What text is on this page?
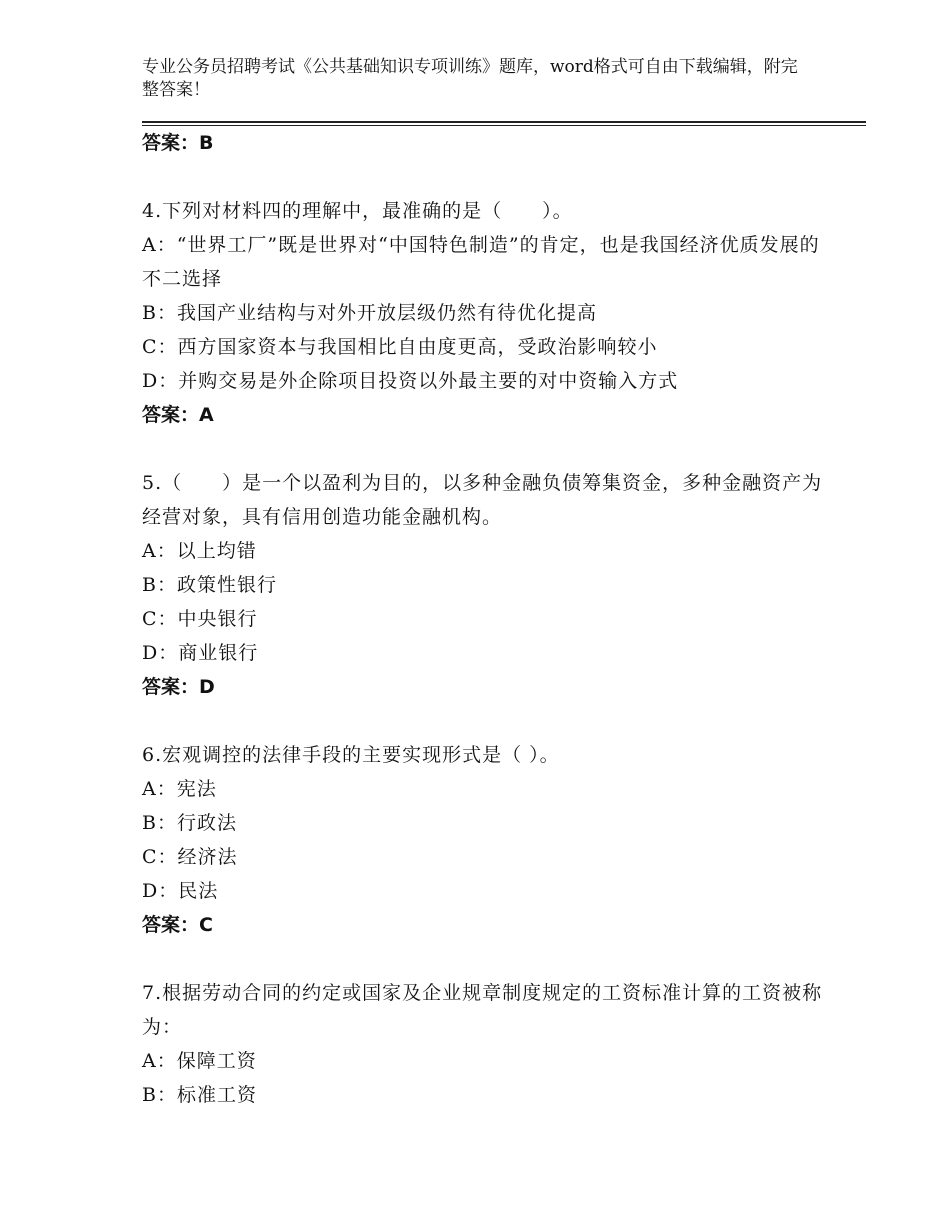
专业公务员招聘考试《公共基础知识专项训练》题库，word格式可自由下载编辑，附完整答案！
答案：B
4.下列对材料四的理解中，最准确的是（　　）。
A：“世界工厂”既是世界对“中国特色制造”的肯定，也是我国经济优质发展的不二选择
B：我国产业结构与对外开放层级仍然有待优化提高
C：西方国家资本与我国相比自由度更高，受政治影响较小
D：并购交易是外企除项目投资以外最主要的对中资输入方式
答案：A
5.（　　）是一个以盈利为目的，以多种金融负债筹集资金，多种金融资产为经营对象，具有信用创造功能金融机构。
A：以上均错
B：政策性银行
C：中央银行
D：商业银行
答案：D
6.宏观调控的法律手段的主要实现形式是（ ）。
A：宪法
B：行政法
C：经济法
D：民法
答案：C
7.根据劳动合同的约定或国家及企业规章制度规定的工资标准计算的工资被称为：
A：保障工资
B：标准工资
